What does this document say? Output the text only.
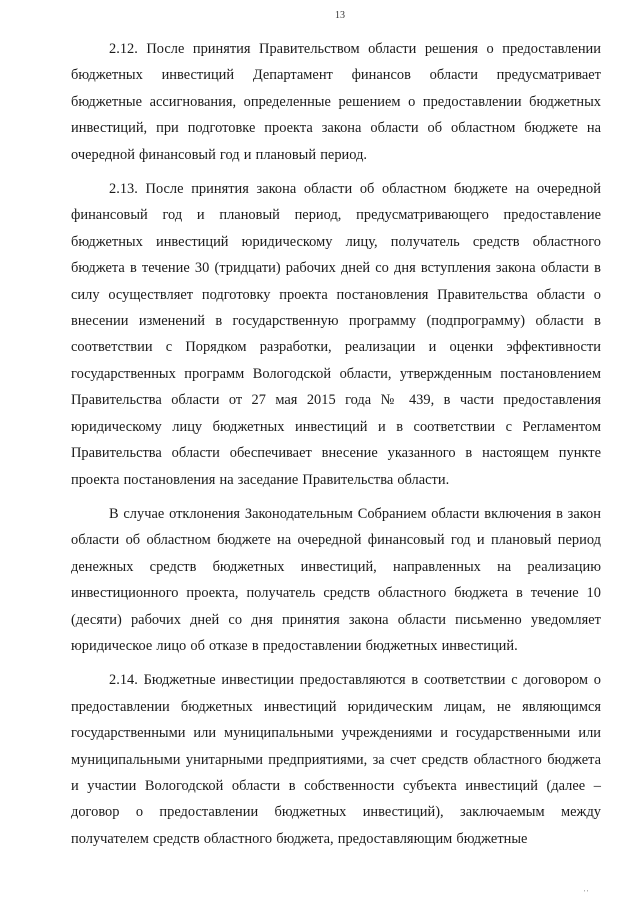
13

2.12. После принятия Правительством области решения о предоставлении бюджетных инвестиций Департамент финансов области предусматривает бюджетные ассигнования, определенные решением о предоставлении бюджетных инвестиций, при подготовке проекта закона области об областном бюджете на очередной финансовый год и плановый период.

2.13. После принятия закона области об областном бюджете на очередной финансовый год и плановый период, предусматривающего предоставление бюджетных инвестиций юридическому лицу, получатель средств областного бюджета в течение 30 (тридцати) рабочих дней со дня вступления закона области в силу осуществляет подготовку проекта постановления Правительства области о внесении изменений в государственную программу (подпрограмму) области в соответствии с Порядком разработки, реализации и оценки эффективности государственных программ Вологодской области, утвержденным постановлением Правительства области от 27 мая 2015 года № 439, в части предоставления юридическому лицу бюджетных инвестиций и в соответствии с Регламентом Правительства области обеспечивает внесение указанного в настоящем пункте проекта постановления на заседание Правительства области.

В случае отклонения Законодательным Собранием области включения в закон области об областном бюджете на очередной финансовый год и плановый период денежных средств бюджетных инвестиций, направленных на реализацию инвестиционного проекта, получатель средств областного бюджета в течение 10 (десяти) рабочих дней со дня принятия закона области письменно уведомляет юридическое лицо об отказе в предоставлении бюджетных инвестиций.

2.14. Бюджетные инвестиции предоставляются в соответствии с договором о предоставлении бюджетных инвестиций юридическим лицам, не являющимся государственными или муниципальными учреждениями и государственными или муниципальными унитарными предприятиями, за счет средств областного бюджета и участии Вологодской области в собственности субъекта инвестиций (далее – договор о предоставлении бюджетных инвестиций), заключаемым между получателем средств областного бюджета, предоставляющим бюджетные

' '
